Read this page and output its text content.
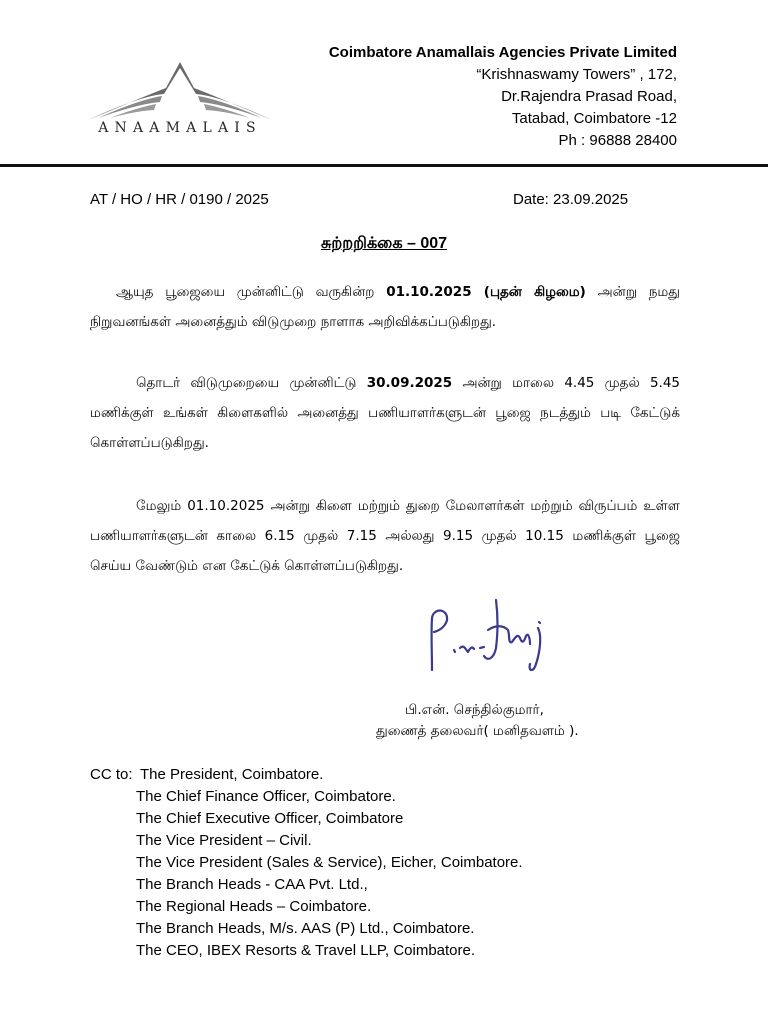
ANAAMALAIS
Coimbatore Anamallais Agencies Private Limited
“Krishnaswamy Towers” , 172,
Dr.Rajendra Prasad Road,
Tatabad, Coimbatore -12
Ph : 96888 28400
AT / HO / HR / 0190 / 2025	Date: 23.09.2025
சுற்றறிக்கை – 007
ஆயுத பூஜையை முன்னிட்டு வருகின்ற 01.10.2025 (புதன் கிழமை) அன்று நமது நிறுவனங்கள் அனைத்தும் விடுமுறை நாளாக அறிவிக்கப்படுகிறது.
தொடர் விடுமுறையை முன்னிட்டு 30.09.2025 அன்று மாலை 4.45 முதல் 5.45 மணிக்குள் உங்கள் கிளைகளில் அனைத்து பணியாளர்களுடன் பூஜை நடத்தும் படி கேட்டுக் கொள்ளப்படுகிறது.
மேலும் 01.10.2025 அன்று கிளை மற்றும் துறை மேலாளர்கள் மற்றும் விருப்பம் உள்ள பணியாளர்களுடன் காலை 6.15 முதல் 7.15 அல்லது 9.15 முதல் 10.15 மணிக்குள் பூஜை செய்ய வேண்டும் என கேட்டுக் கொள்ளப்படுகிறது.
பி.என். செந்தில்குமார்,
துணைத் தலைவர்( மனிதவளம் ).
CC to: The President, Coimbatore.
The Chief Finance Officer, Coimbatore.
The Chief Executive Officer, Coimbatore
The Vice President – Civil.
The Vice President (Sales & Service), Eicher, Coimbatore.
The Branch Heads - CAA Pvt. Ltd.,
The Regional Heads – Coimbatore.
The Branch Heads, M/s. AAS (P) Ltd., Coimbatore.
The CEO, IBEX Resorts & Travel LLP, Coimbatore.
